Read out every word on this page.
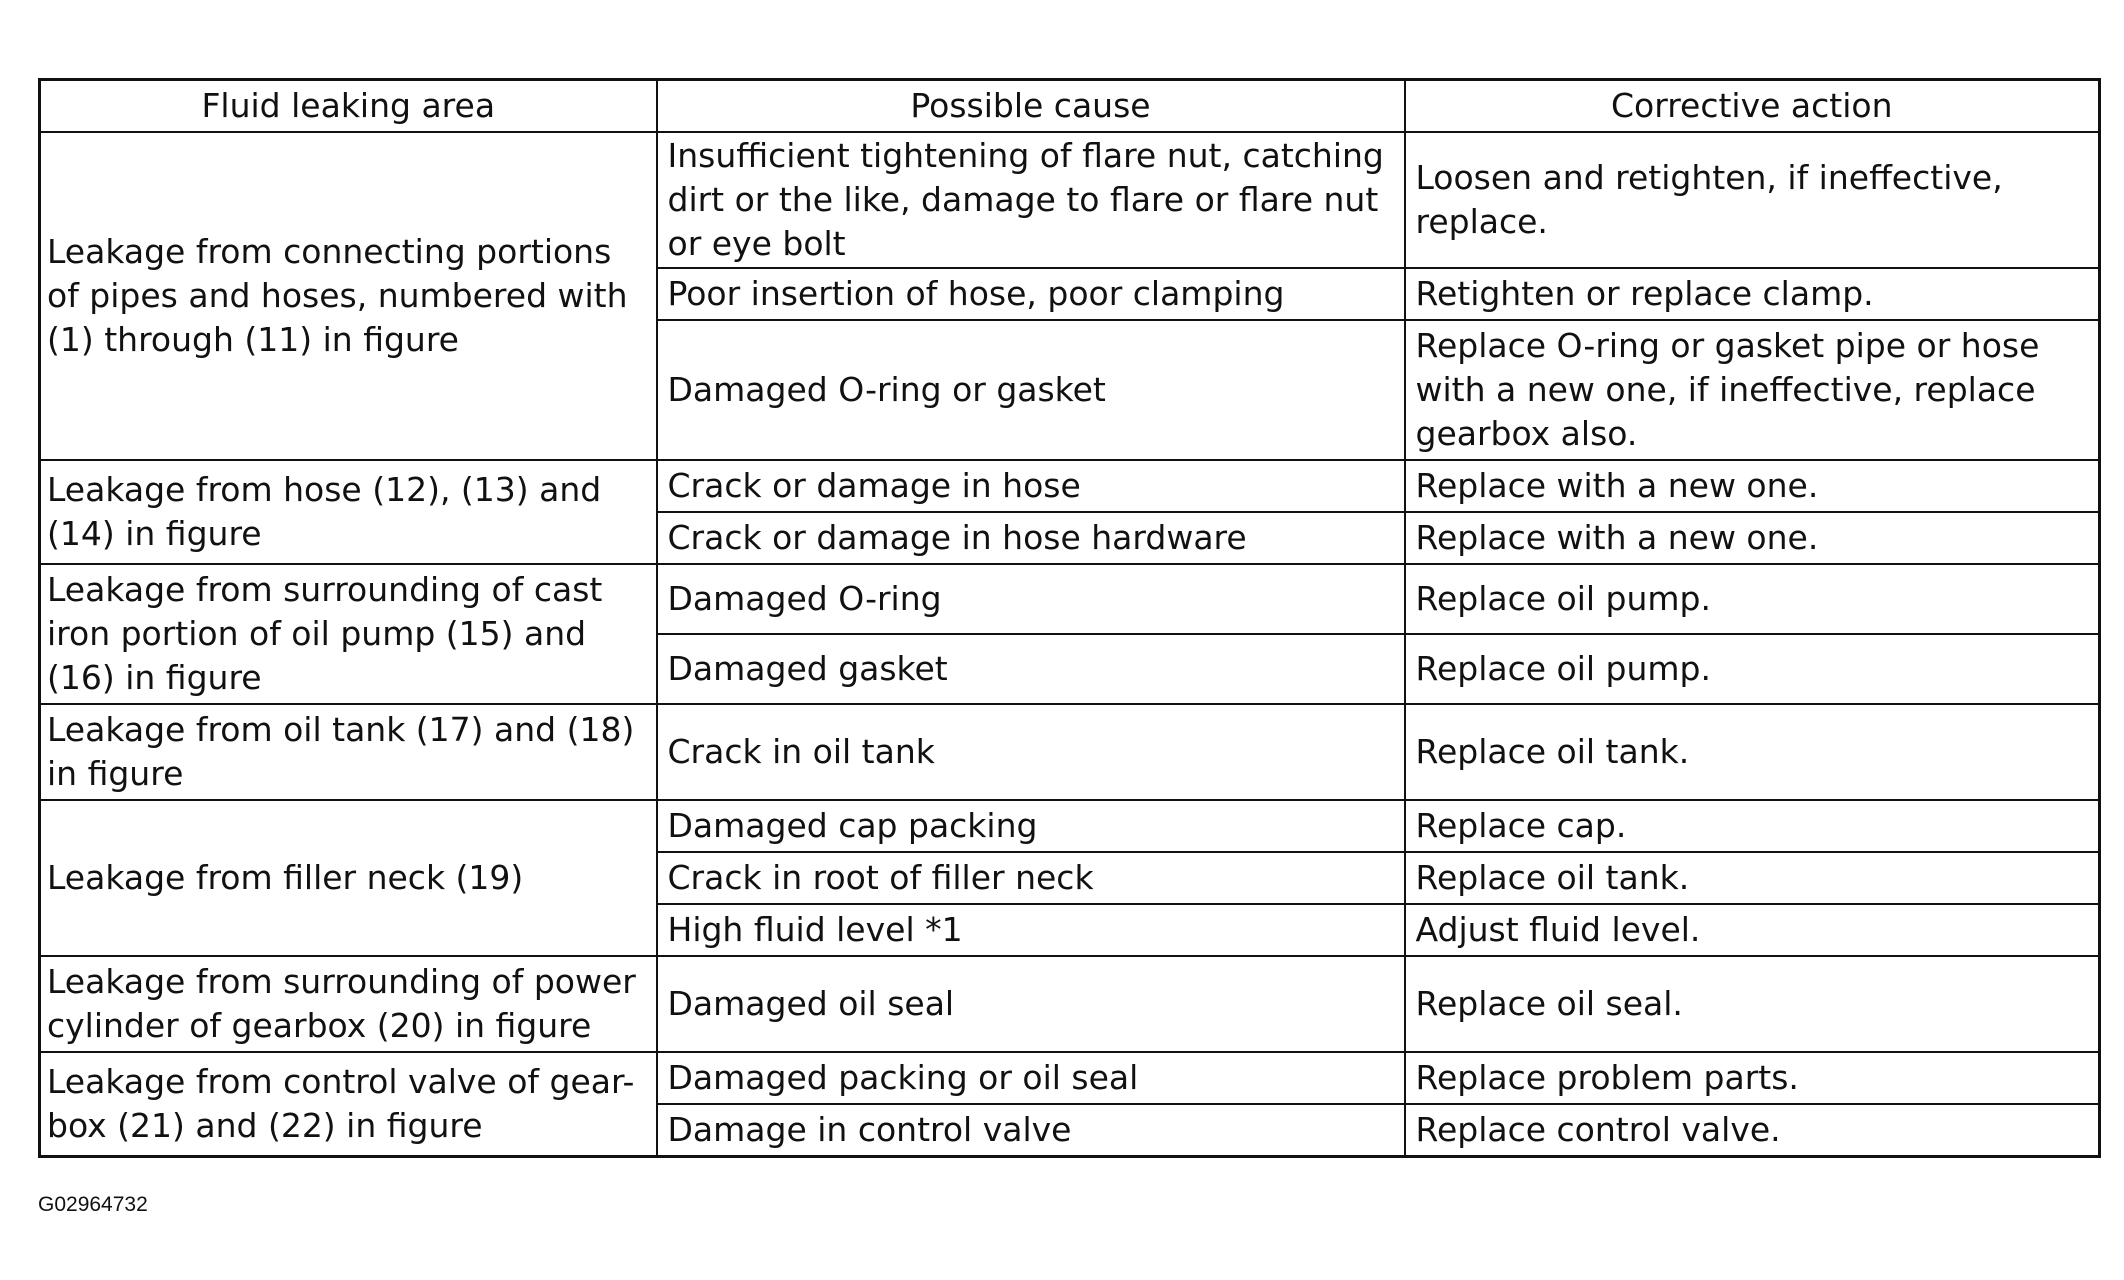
Fluid leaking area	Possible cause	Corrective action
Leakage from connecting portions of pipes and hoses, numbered with (1) through (11) in figure	Insufficient tightening of flare nut, catching dirt or the like, damage to flare or flare nut or eye bolt	Loosen and retighten, if ineffective, replace.
	Poor insertion of hose, poor clamping	Retighten or replace clamp.
	Damaged O-ring or gasket	Replace O-ring or gasket pipe or hose with a new one, if ineffective, replace gearbox also.
Leakage from hose (12), (13) and (14) in figure	Crack or damage in hose	Replace with a new one.
	Crack or damage in hose hardware	Replace with a new one.
Leakage from surrounding of cast iron portion of oil pump (15) and (16) in figure	Damaged O-ring	Replace oil pump.
	Damaged gasket	Replace oil pump.
Leakage from oil tank (17) and (18) in figure	Crack in oil tank	Replace oil tank.
Leakage from filler neck (19)	Damaged cap packing	Replace cap.
	Crack in root of filler neck	Replace oil tank.
	High fluid level *1	Adjust fluid level.
Leakage from surrounding of power cylinder of gearbox (20) in figure	Damaged oil seal	Replace oil seal.
Leakage from control valve of gear-box (21) and (22) in figure	Damaged packing or oil seal	Replace problem parts.
	Damage in control valve	Replace control valve.
G02964732
